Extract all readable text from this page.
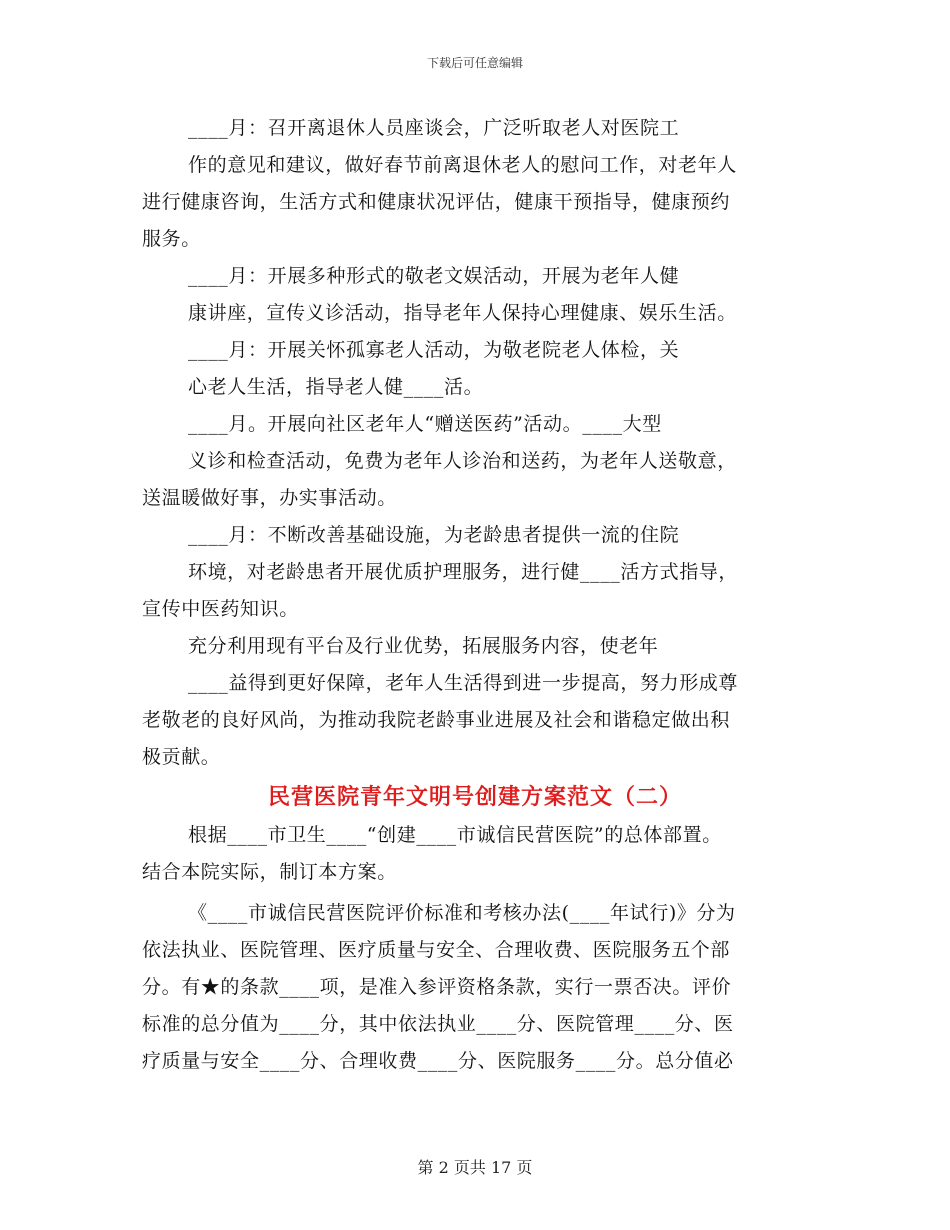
下载后可任意编辑
____月：召开离退休人员座谈会，广泛听取老人对医院工
作的意见和建议，做好春节前离退休老人的慰问工作，对老年人
进行健康咨询，生活方式和健康状况评估，健康干预指导，健康预约
服务。
____月：开展多种形式的敬老文娱活动，开展为老年人健
康讲座，宣传义诊活动，指导老年人保持心理健康、娱乐生活。
____月：开展关怀孤寡老人活动，为敬老院老人体检，关
心老人生活，指导老人健____活。
____月。开展向社区老年人“赠送医药”活动。____大型
义诊和检查活动，免费为老年人诊治和送药，为老年人送敬意，
送温暖做好事，办实事活动。
____月：不断改善基础设施，为老龄患者提供一流的住院
环境，对老龄患者开展优质护理服务，进行健____活方式指导，
宣传中医药知识。
充分利用现有平台及行业优势，拓展服务内容，使老年
____益得到更好保障，老年人生活得到进一步提高，努力形成尊
老敬老的良好风尚，为推动我院老龄事业进展及社会和谐稳定做出积
极贡献。
民营医院青年文明号创建方案范文（二）
根据____市卫生____“创建____市诚信民营医院”的总体部置。
结合本院实际，制订本方案。
《____市诚信民营医院评价标准和考核办法(____年试行)》分为
依法执业、医院管理、医疗质量与安全、合理收费、医院服务五个部
分。有★的条款____项，是准入参评资格条款，实行一票否决。评价
标准的总分值为____分，其中依法执业____分、医院管理____分、医
疗质量与安全____分、合理收费____分、医院服务____分。总分值必
第 2 页共 17 页
